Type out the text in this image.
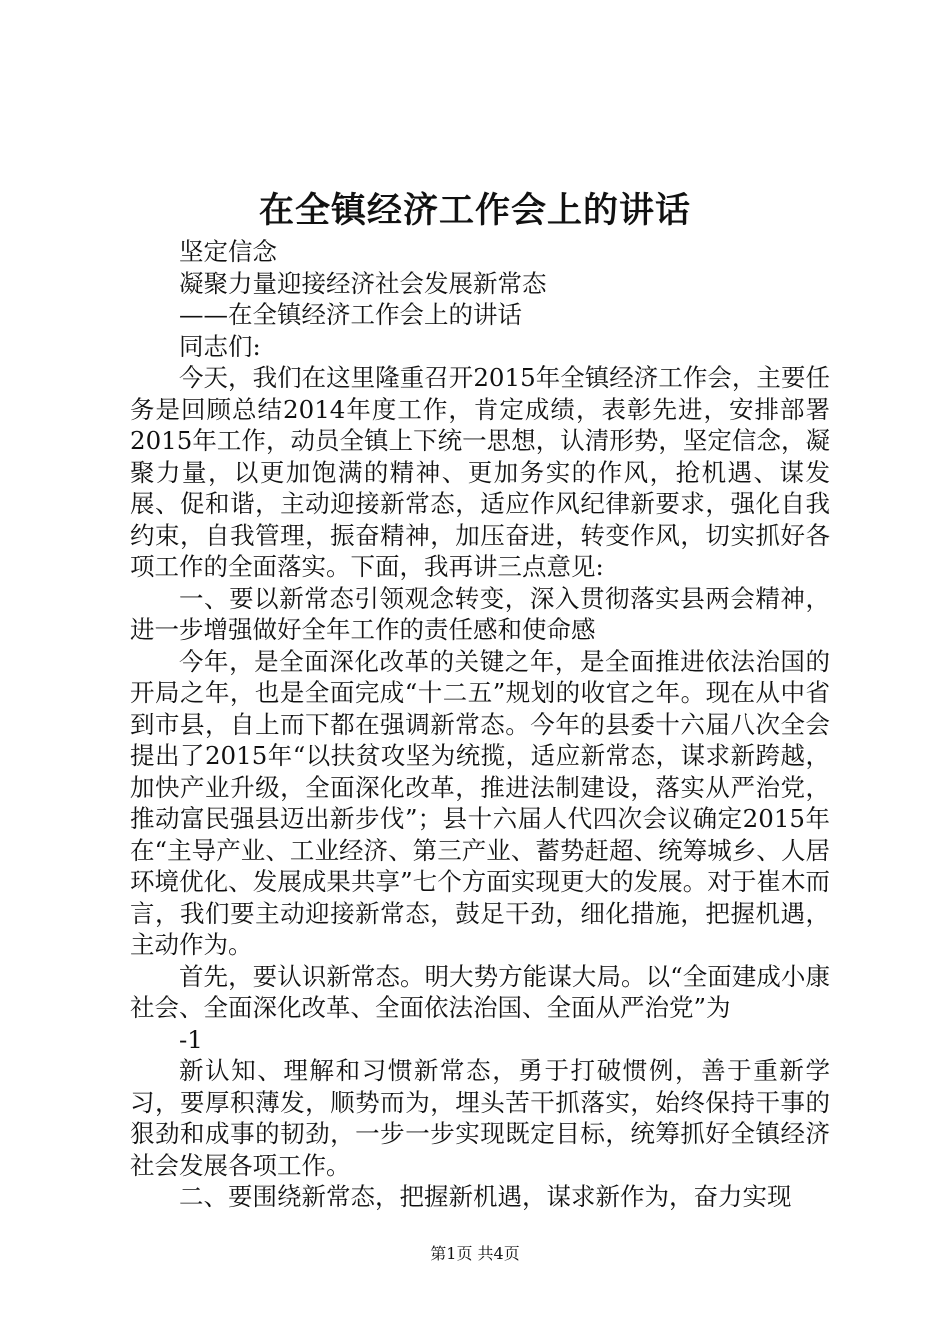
在全镇经济工作会上的讲话

坚定信念

凝聚力量迎接经济社会发展新常态

——在全镇经济工作会上的讲话

同志们:

今天，我们在这里隆重召开2015年全镇经济工作会，主要任务是回顾总结2014年度工作，肯定成绩，表彰先进，安排部署2015年工作，动员全镇上下统一思想，认清形势，坚定信念，凝聚力量，以更加饱满的精神、更加务实的作风，抢机遇、谋发展、促和谐，主动迎接新常态，适应作风纪律新要求，强化自我约束，自我管理，振奋精神，加压奋进，转变作风，切实抓好各项工作的全面落实。下面，我再讲三点意见:

一、要以新常态引领观念转变，深入贯彻落实县两会精神，进一步增强做好全年工作的责任感和使命感

今年，是全面深化改革的关键之年，是全面推进依法治国的开局之年，也是全面完成“十二五”规划的收官之年。现在从中省到市县，自上而下都在强调新常态。今年的县委十六届八次全会提出了2015年“以扶贫攻坚为统揽，适应新常态，谋求新跨越，加快产业升级，全面深化改革，推进法制建设，落实从严治党，推动富民强县迈出新步伐”；县十六届人代四次会议确定2015年在“主导产业、工业经济、第三产业、蓄势赶超、统筹城乡、人居环境优化、发展成果共享”七个方面实现更大的发展。对于崔木而言，我们要主动迎接新常态，鼓足干劲，细化措施，把握机遇，主动作为。

首先，要认识新常态。明大势方能谋大局。以“全面建成小康社会、全面深化改革、全面依法治国、全面从严治党”为

-1

新认知、理解和习惯新常态，勇于打破惯例，善于重新学习，要厚积薄发，顺势而为，埋头苦干抓落实，始终保持干事的狠劲和成事的韧劲，一步一步实现既定目标，统筹抓好全镇经济社会发展各项工作。

二、要围绕新常态，把握新机遇，谋求新作为，奋力实现

第1页 共4页
